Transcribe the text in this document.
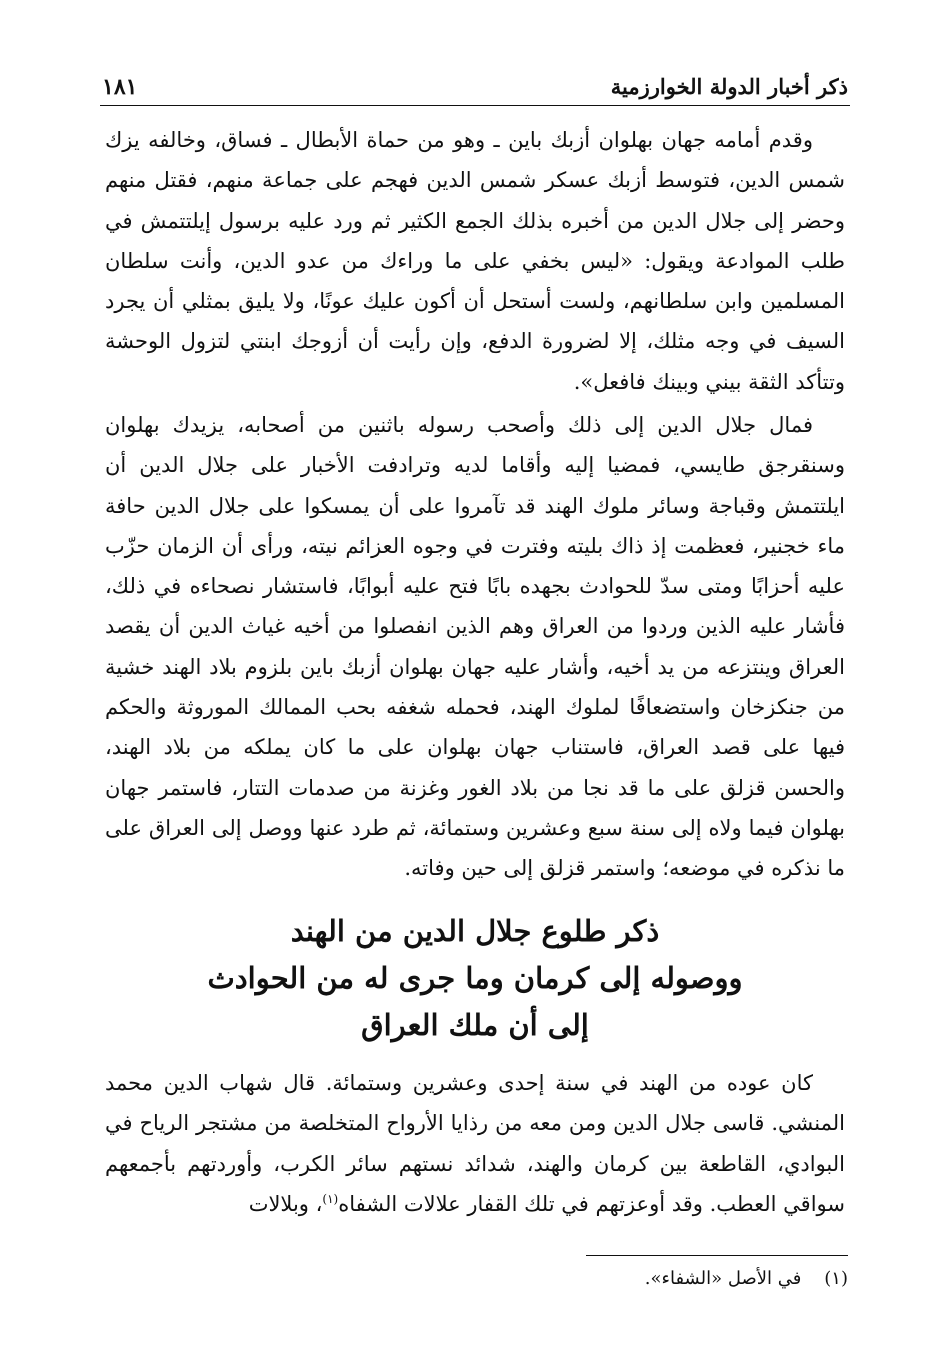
ذكر أخبار الدولة الخوارزمية
١٨١

وقدم أمامه جهان بهلوان أزبك باين ـ وهو من حماة الأبطال ـ فساق، وخالفه يزك شمس الدين، فتوسط أزبك عسكر شمس الدين فهجم على جماعة منهم، فقتل منهم وحضر إلى جلال الدين من أخبره بذلك الجمع الكثير ثم ورد عليه برسول إيلتتمش في طلب الموادعة ويقول: «ليس بخفي على ما وراءك من عدو الدين، وأنت سلطان المسلمين وابن سلطانهم، ولست أستحل أن أكون عليك عونًا، ولا يليق بمثلي أن يجرد السيف في وجه مثلك، إلا لضرورة الدفع، وإن رأيت أن أزوجك ابنتي لتزول الوحشة وتتأكد الثقة بيني وبينك فافعل».

فمال جلال الدين إلى ذلك وأصحب رسوله باثنين من أصحابه، يزيدك بهلوان وسنقرجق طايسي، فمضيا إليه وأقاما لديه وترادفت الأخبار على جلال الدين أن ايلتتمش وقباجة وسائر ملوك الهند قد تآمروا على أن يمسكوا على جلال الدين حافة ماء خجنير، فعظمت إذ ذاك بليته وفترت في وجوه العزائم نيته، ورأى أن الزمان حزّب عليه أحزابًا ومتى سدّ للحوادث بجهده بابًا فتح عليه أبوابًا، فاستشار نصحاءه في ذلك، فأشار عليه الذين وردوا من العراق وهم الذين انفصلوا من أخيه غياث الدين أن يقصد العراق وينتزعه من يد أخيه، وأشار عليه جهان بهلوان أزبك باين بلزوم بلاد الهند خشية من جنكزخان واستضعافًا لملوك الهند، فحمله شغفه بحب الممالك الموروثة والحكم فيها على قصد العراق، فاستناب جهان بهلوان على ما كان يملكه من بلاد الهند، والحسن قزلق على ما قد نجا من بلاد الغور وغزنة من صدمات التتار، فاستمر جهان بهلوان فيما ولاه إلى سنة سبع وعشرين وستمائة، ثم طرد عنها ووصل إلى العراق على ما نذكره في موضعه؛ واستمر قزلق إلى حين وفاته.

ذكر طلوع جلال الدين من الهند
ووصوله إلى كرمان وما جرى له من الحوادث
إلى أن ملك العراق

كان عوده من الهند في سنة إحدى وعشرين وستمائة. قال شهاب الدين محمد المنشي. قاسى جلال الدين ومن معه من رذايا الأرواح المتخلصة من مشتجر الرياح في البوادي، القاطعة بين كرمان والهند، شدائد نستهم سائر الكرب، وأوردتهم بأجمعهم سواقي العطب. وقد أوعزتهم في تلك القفار علالات الشفاه$^{(١)}$، وبلالات

(١)    في الأصل «الشفاء».
